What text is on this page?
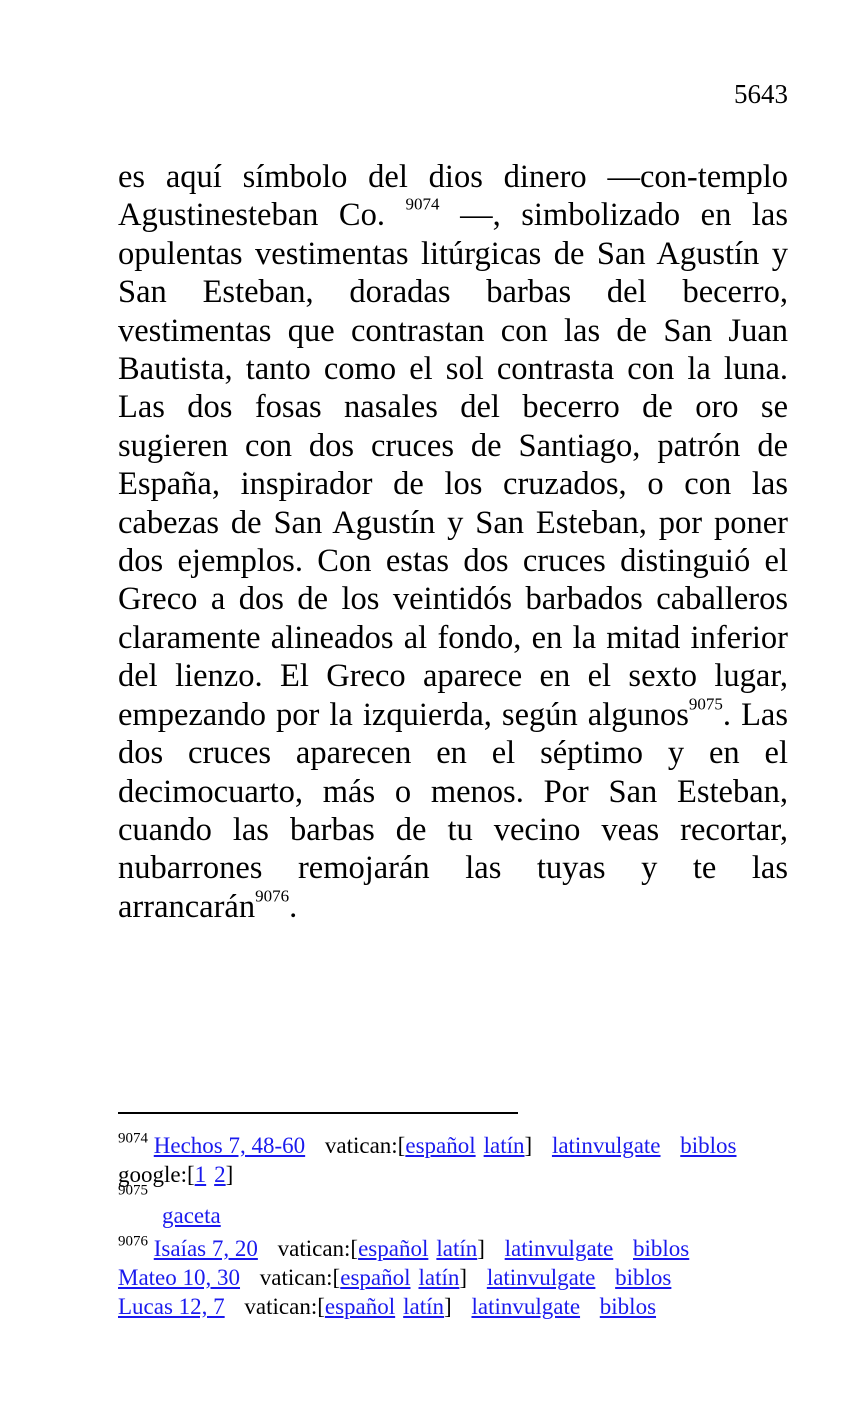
5643

es aquí símbolo del dios dinero ―con-templo Agustinesteban Co. $^{9074}$ ―, simbolizado en las opulentas vestimentas litúrgicas de San Agustín y San Esteban, doradas barbas del becerro, vestimentas que contrastan con las de San Juan Bautista, tanto como el sol contrasta con la luna. Las dos fosas nasales del becerro de oro se sugieren con dos cruces de Santiago, patrón de España, inspirador de los cruzados, o con las cabezas de San Agustín y San Esteban, por poner dos ejemplos. Con estas dos cruces distinguió el Greco a dos de los veintidós barbados caballeros claramente alineados al fondo, en la mitad inferior del lienzo. El Greco aparece en el sexto lugar, empezando por la izquierda, según algunos$^{9075}$. Las dos cruces aparecen en el séptimo y en el decimocuarto, más o menos. Por San Esteban, cuando las barbas de tu vecino veas recortar, nubarrones remojarán las tuyas y te las arrancarán$^{9076}$.

$^{9074}$ Hechos 7, 48-60 vatican:[español latín] latinvulgate biblos
google:[1 2]
$^{9075}$
gaceta
$^{9076}$ Isaías 7, 20 vatican:[español latín] latinvulgate biblos
Mateo 10, 30 vatican:[español latín] latinvulgate biblos
Lucas 12, 7 vatican:[español latín] latinvulgate biblos
